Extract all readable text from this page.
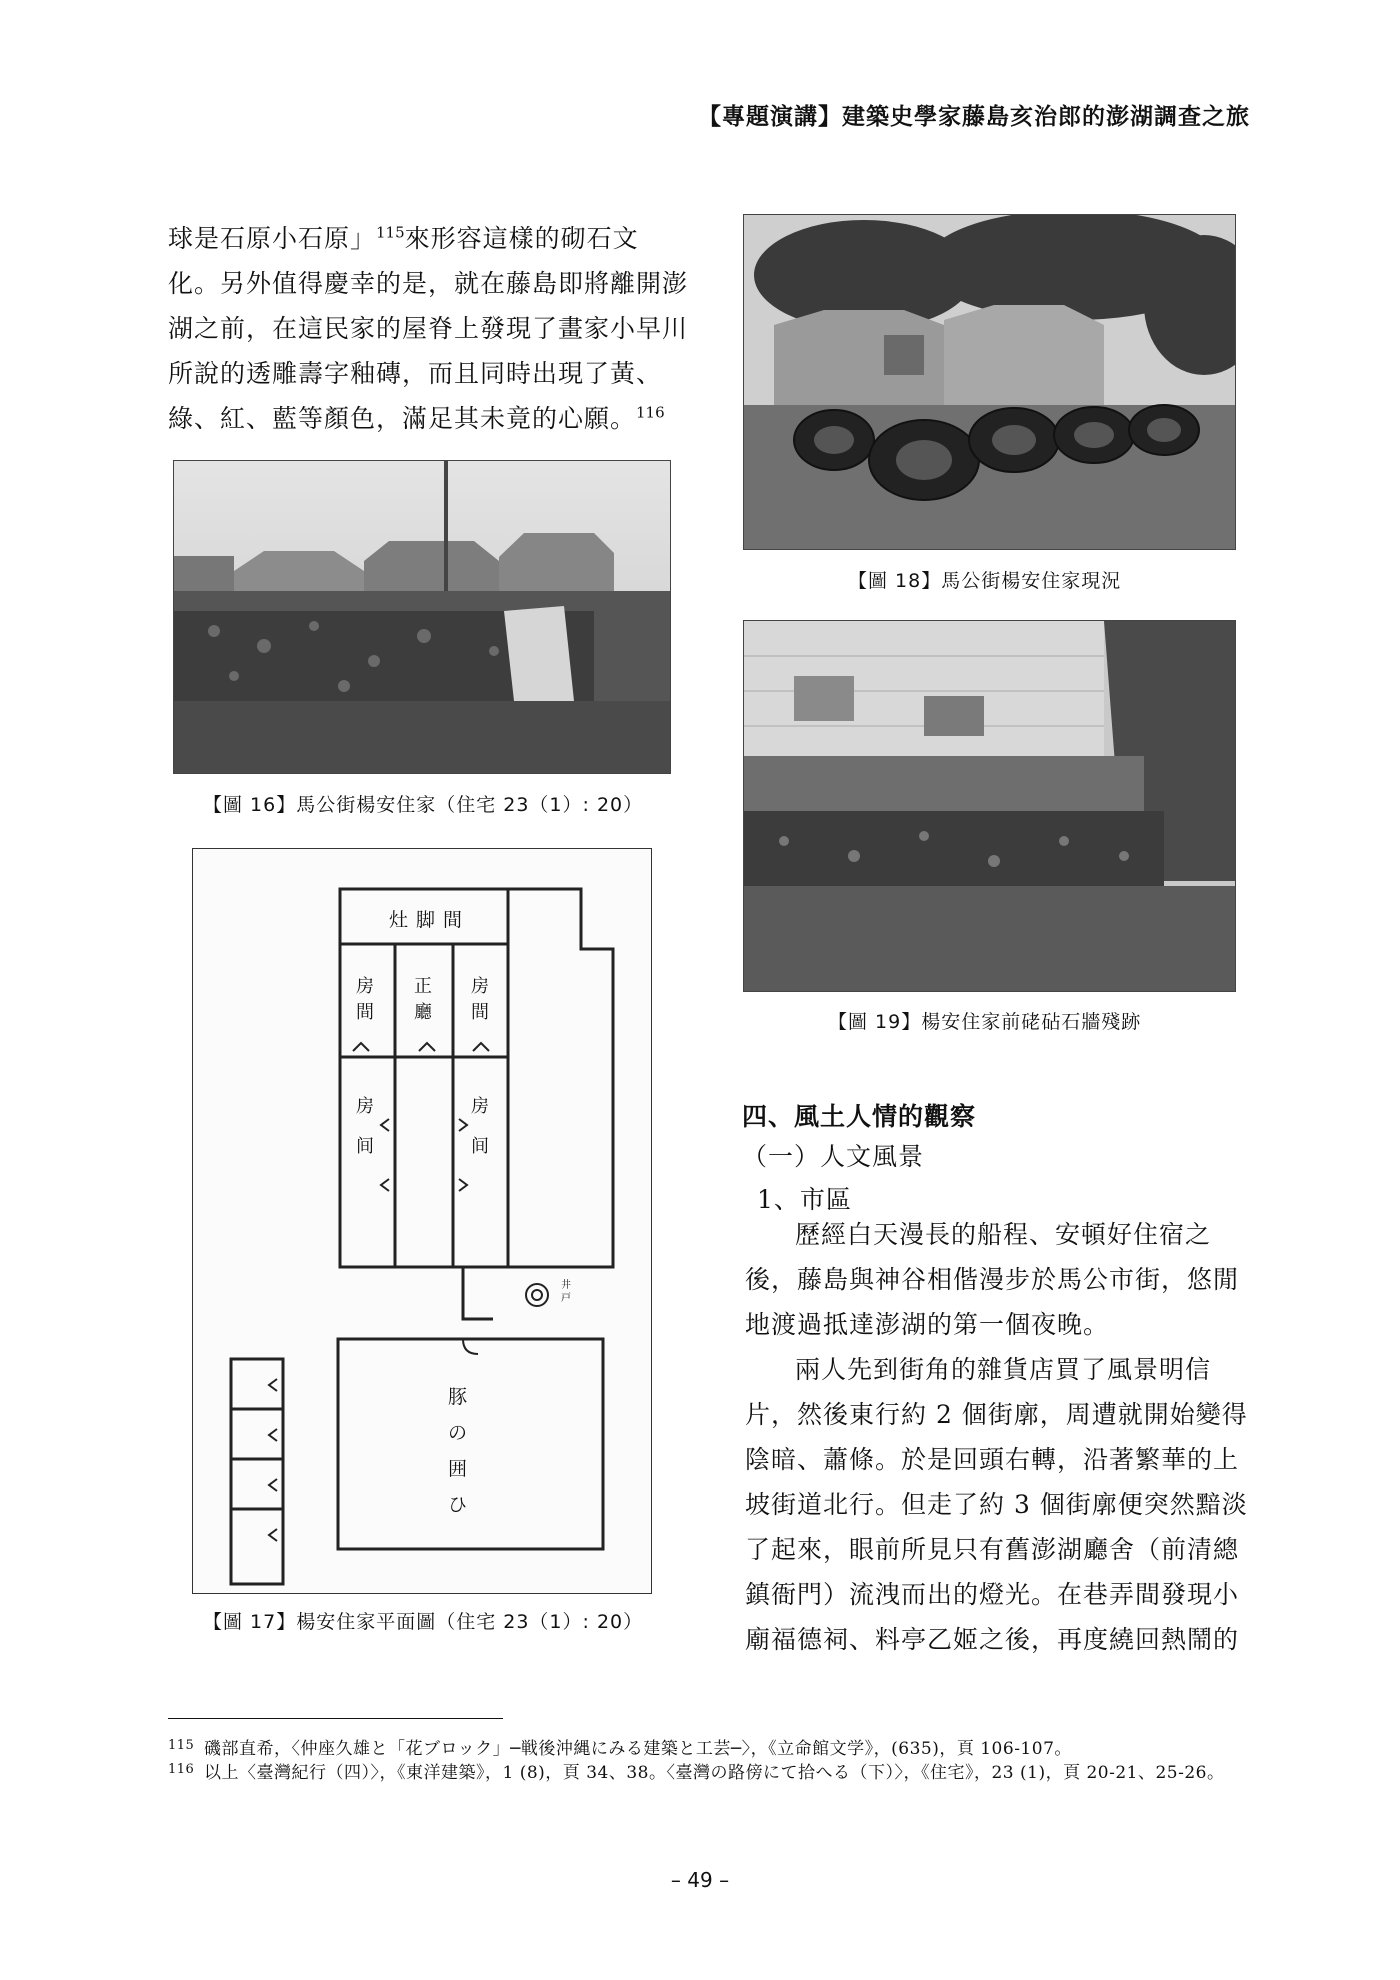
【專題演講】建築史學家藤島亥治郎的澎湖調查之旅

球是石原小石原」$^{115}$來形容這樣的砌石文化。另外值得慶幸的是，就在藤島即將離開澎湖之前，在這民家的屋脊上發現了畫家小早川所說的透雕壽字釉磚，而且同時出現了黃、綠、紅、藍等顏色，滿足其未竟的心願。$^{116}$

【圖 16】馬公街楊安住家（住宅 23（1）: 20）
灶脚間
房間
正廳
房間
房间
房间
井戸
豚の囲ひ
【圖 17】楊安住家平面圖（住宅 23（1）: 20）
【圖 18】馬公街楊安住家現況
【圖 19】楊安住家前硓砧石牆殘跡
四、風土人情的觀察
（一）人文風景
1、市區

歷經白天漫長的船程、安頓好住宿之後，藤島與神谷相偕漫步於馬公市街，悠閒地渡過抵達澎湖的第一個夜晚。

兩人先到街角的雜貨店買了風景明信片，然後東行約 2 個街廓，周遭就開始變得陰暗、蕭條。於是回頭右轉，沿著繁華的上坡街道北行。但走了約 3 個街廓便突然黯淡了起來，眼前所見只有舊澎湖廳舍（前清總鎮衙門）流洩而出的燈光。在巷弄間發現小廟福德祠、料亭乙姬之後，再度繞回熱鬧的

115 磯部直希，〈仲座久雄と「花ブロック」─戦後沖縄にみる建築と工芸─〉，《立命館文学》，(635)，頁 106-107。
116 以上〈臺灣紀行（四）〉，《東洋建築》，1 (8)，頁 34、38。〈臺灣の路傍にて拾へる（下）〉，《住宅》，23 (1)，頁 20-21、25-26。
– 49 –
